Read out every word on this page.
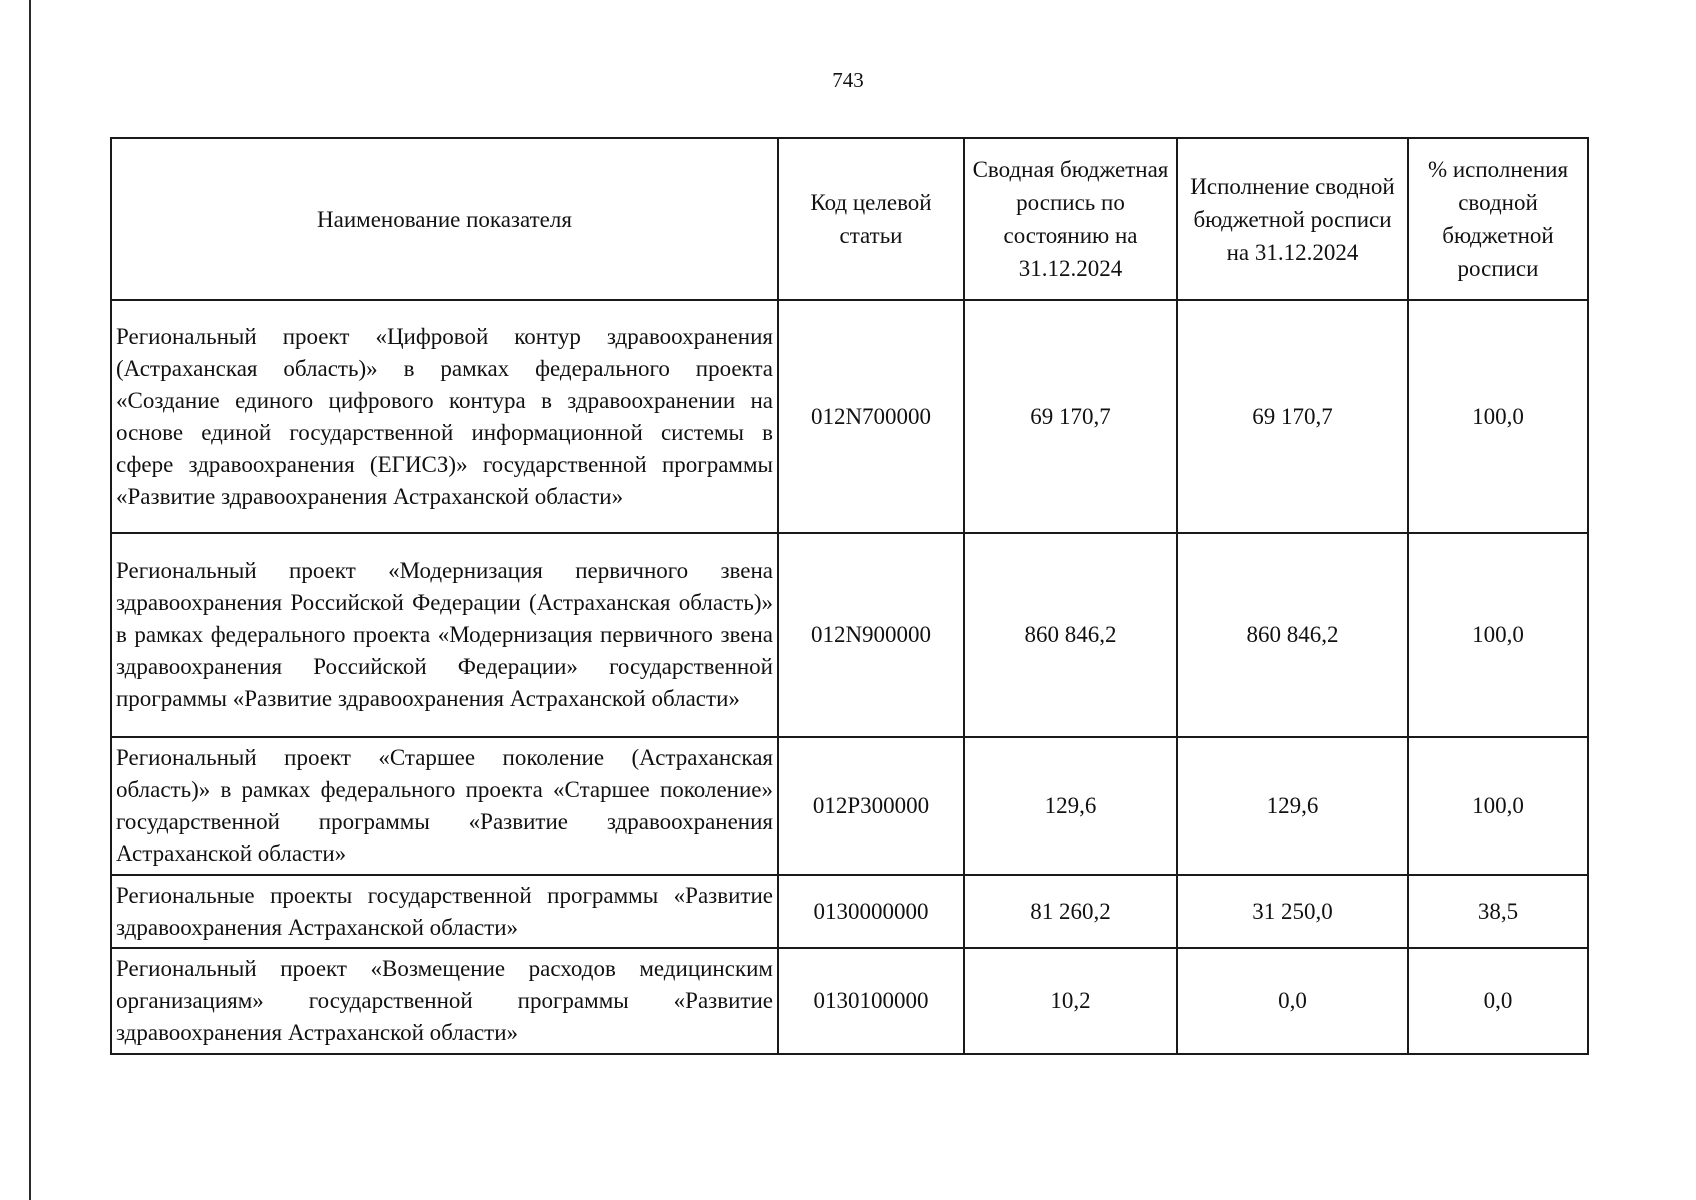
743
Наименование показателя	Код целевой статьи	Сводная бюджетная роспись по состоянию на 31.12.2024	Исполнение сводной бюджетной росписи на 31.12.2024	% исполнения сводной бюджетной росписи
Региональный проект «Цифровой контур здравоохранения (Астраханская область)» в рамках федерального проекта «Создание единого цифрового контура в здравоохранении на основе единой государственной информационной системы в сфере здравоохранения (ЕГИСЗ)» государственной программы «Развитие здравоохранения Астраханской области»	012N700000	69 170,7	69 170,7	100,0
Региональный проект «Модернизация первичного звена здравоохранения Российской Федерации (Астраханская область)» в рамках федерального проекта «Модернизация первичного звена здравоохранения Российской Федерации» государственной программы «Развитие здравоохранения Астраханской области»	012N900000	860 846,2	860 846,2	100,0
Региональный проект «Старшее поколение (Астраханская область)» в рамках федерального проекта «Старшее поколение» государственной программы «Развитие здравоохранения Астраханской области»	012P300000	129,6	129,6	100,0
Региональные проекты государственной программы «Развитие здравоохранения Астраханской области»	0130000000	81 260,2	31 250,0	38,5
Региональный проект «Возмещение расходов медицинским организациям» государственной программы «Развитие здравоохранения Астраханской области»	0130100000	10,2	0,0	0,0
